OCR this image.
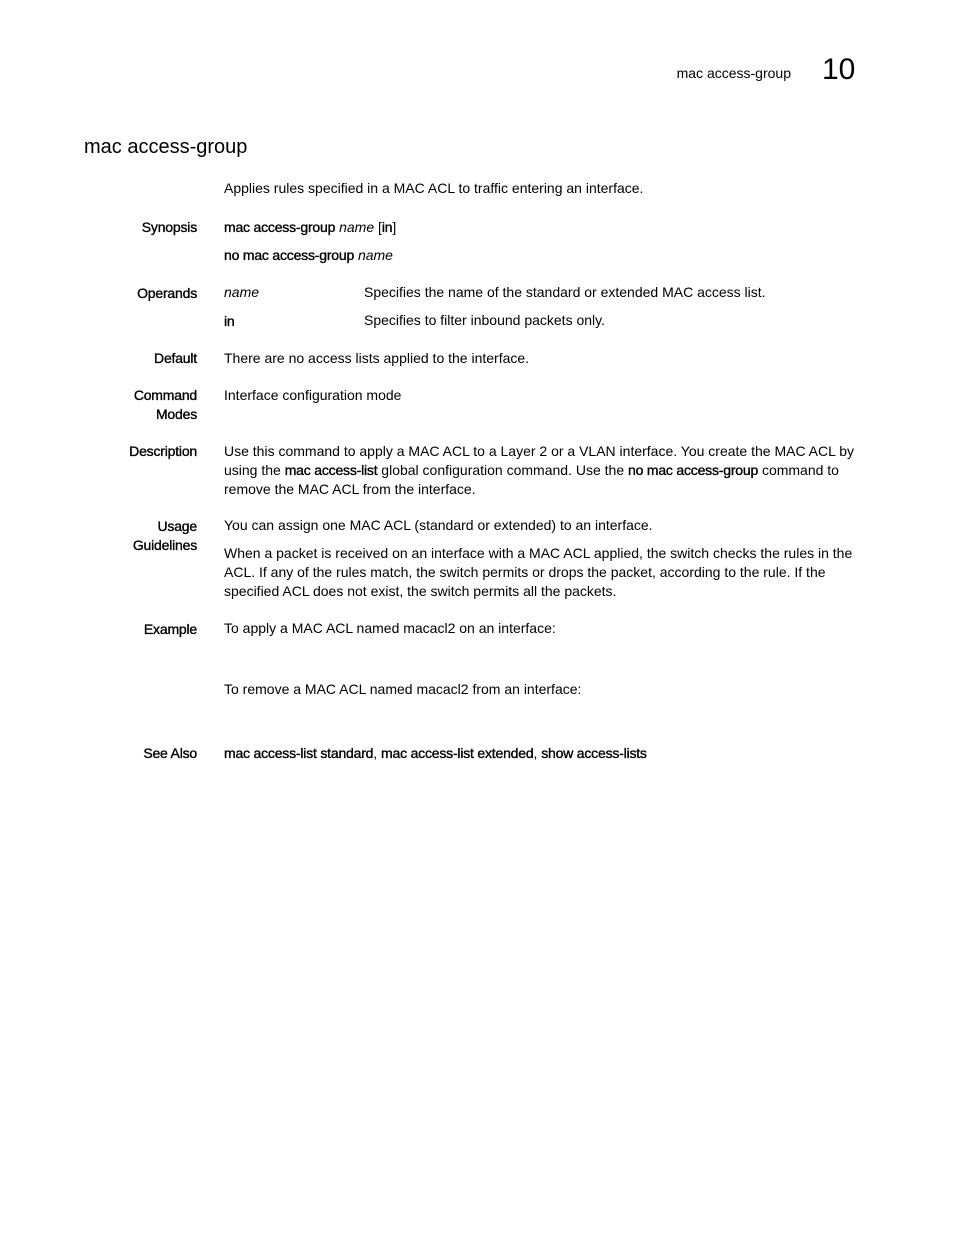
mac access-group 10
mac access-group
Applies rules specified in a MAC ACL to traffic entering an interface.
Synopsis mac access-group name [in]
no mac access-group name
Operands name	Specifies the name of the standard or extended MAC access list.
in	Specifies to filter inbound packets only.
Default There are no access lists applied to the interface.
Command
Modes
Interface configuration mode
Description Use this command to apply a MAC ACL to a Layer 2 or a VLAN interface. You create the MAC ACL by using the mac access-list global configuration command. Use the no mac access-group command to remove the MAC ACL from the interface.
Usage
Guidelines
You can assign one MAC ACL (standard or extended) to an interface.
When a packet is received on an interface with a MAC ACL applied, the switch checks the rules in the ACL. If any of the rules match, the switch permits or drops the packet, according to the rule. If the specified ACL does not exist, the switch permits all the packets.
Example To apply a MAC ACL named macacl2 on an interface:
To remove a MAC ACL named macacl2 from an interface:
See Also mac access-list standard, mac access-list extended, show access-lists
